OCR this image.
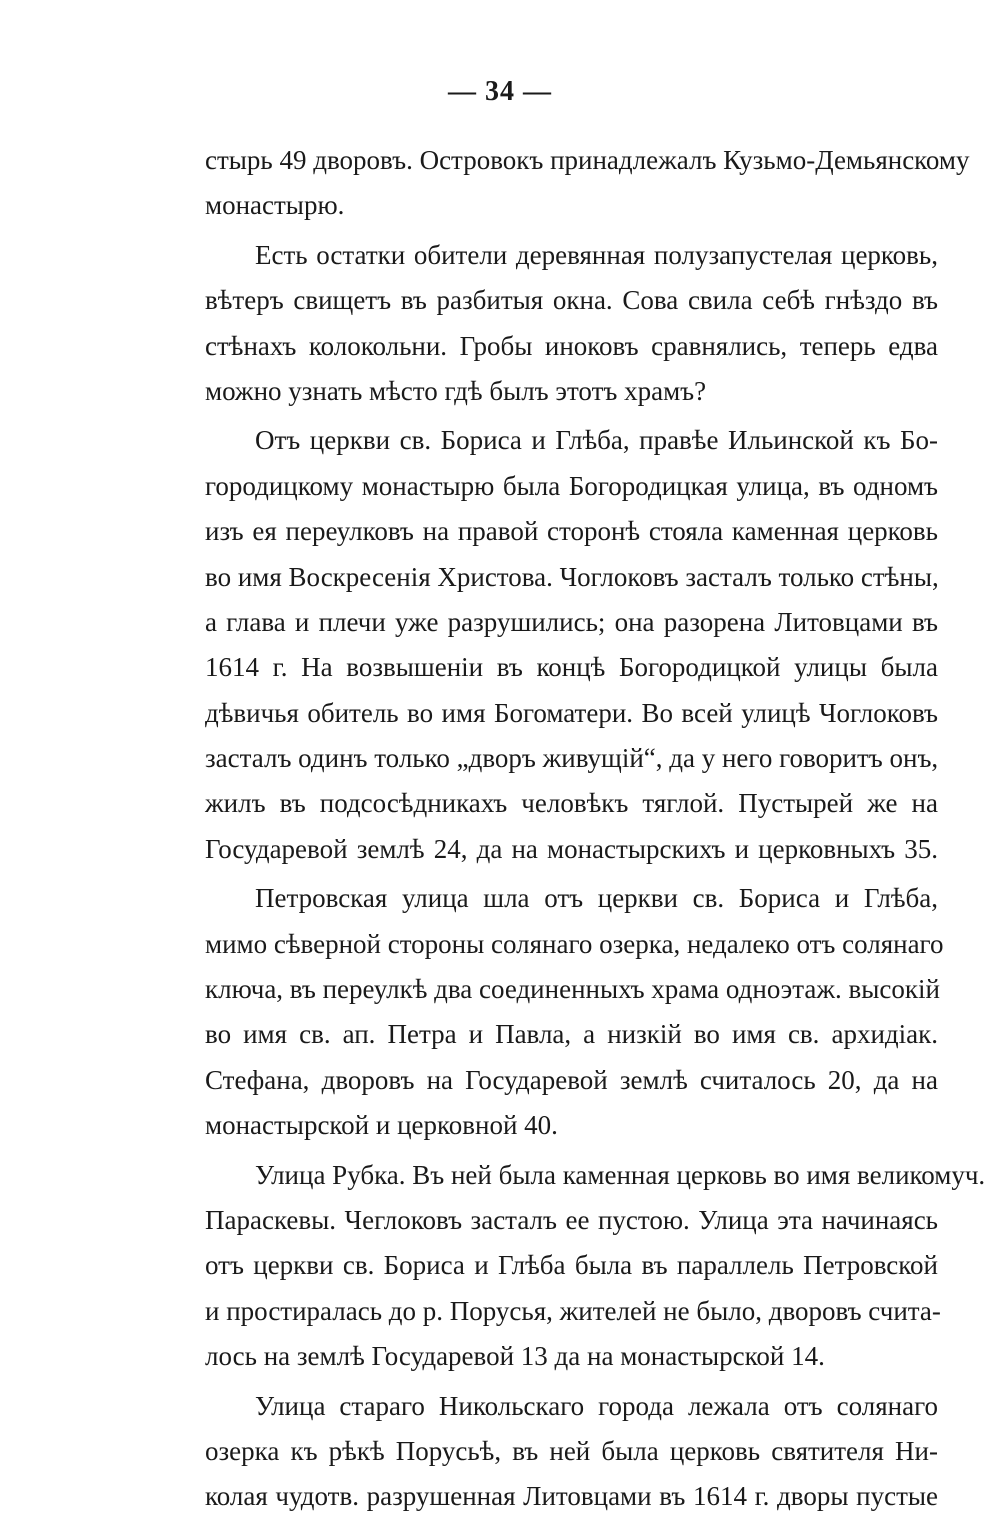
— 34 —
стырь 49 дворовъ. Островокъ принадлежалъ Кузьмо-Демьянскому
монастырю.
Есть остатки обители деревянная полузапустелая церковь,
вѣтеръ свищетъ въ разбитыя окна. Сова свила себѣ гнѣздо въ
стѣнахъ колокольни. Гробы иноковъ сравнялись, теперь едва
можно узнать мѣсто гдѣ былъ этотъ храмъ?
Отъ церкви св. Бориса и Глѣба, правѣе Ильинской къ Бо-
городицкому монастырю была Богородицкая улица, въ одномъ
изъ ея переулковъ на правой сторонѣ стояла каменная церковь
во имя Воскресенія Христова. Чоглоковъ засталъ только стѣны,
а глава и плечи уже разрушились; она разорена Литовцами въ
1614 г. На возвышеніи въ концѣ Богородицкой улицы была
дѣвичья обитель во имя Богоматери. Во всей улицѣ Чоглоковъ
засталъ одинъ только „дворъ живущій“, да у него говоритъ онъ,
жилъ въ подсосѣдникахъ человѣкъ тяглой. Пустырей же на
Государевой землѣ 24, да на монастырскихъ и церковныхъ 35.
Петровская улица шла отъ церкви св. Бориса и Глѣба,
мимо сѣверной стороны солянаго озерка, недалеко отъ солянаго
ключа, въ переулкѣ два соединенныхъ храма одноэтаж. высокій
во имя св. ап. Петра и Павла, а низкій во имя св. архидіак.
Стефана, дворовъ на Государевой землѣ считалось 20, да на
монастырской и церковной 40.
Улица Рубка. Въ ней была каменная церковь во имя великомуч.
Параскевы. Чеглоковъ засталъ ее пустою. Улица эта начинаясь
отъ церкви св. Бориса и Глѣба была въ параллель Петровской
и простиралась до р. Порусья, жителей не было, дворовъ счита-
лось на землѣ Государевой 13 да на монастырской 14.
Улица стараго Никольскаго города лежала отъ солянаго
озерка къ рѣкѣ Порусьѣ, въ ней была церковь святителя Ни-
колая чудотв. разрушенная Литовцами въ 1614 г. дворы пустые
